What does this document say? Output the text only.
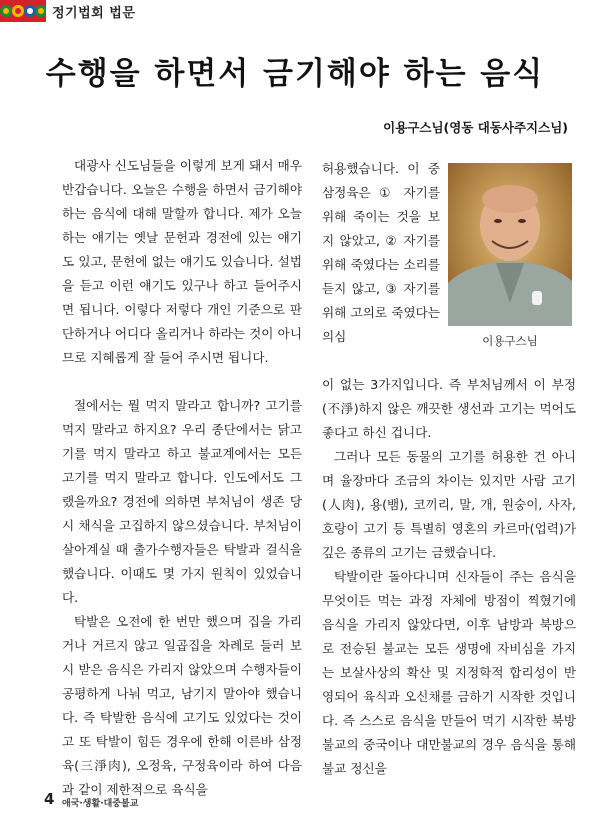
정기법회 법문
수행을 하면서 금기해야 하는 음식
이용구스님(영동 대동사주지스님)

대광사 신도님들을 이렇게 보게 돼서 매우 반갑습니다. 오늘은 수행을 하면서 금기해야 하는 음식에 대해 말할까 합니다. 제가 오늘 하는 얘기는 옛날 문헌과 경전에 있는 얘기도 있고, 문헌에 없는 얘기도 있습니다. 설법을 듣고 이런 얘기도 있구나 하고 들어주시면 됩니다. 이렇다 저렇다 개인 기준으로 판단하거나 어디다 올리거나 하라는 것이 아니므로 지혜롭게 잘 들어 주시면 됩니다.

절에서는 뭘 먹지 말라고 합니까? 고기를 먹지 말라고 하지요? 우리 종단에서는 닭고기를 먹지 말라고 하고 불교계에서는 모든 고기를 먹지 말라고 합니다. 인도에서도 그랬을까요? 경전에 의하면 부처님이 생존 당시 채식을 고집하지 않으셨습니다. 부처님이 살아계실 때 출가수행자들은 탁발과 걸식을 했습니다. 이때도 몇 가지 원칙이 있었습니다.

탁발은 오전에 한 번만 했으며 집을 가리거나 거르지 않고 일곱집을 차례로 들러 보시 받은 음식은 가리지 않았으며 수행자들이 공평하게 나눠 먹고, 남기지 말아야 했습니다. 즉 탁발한 음식에 고기도 있었다는 것이고 또 탁발이 힘든 경우에 한해 이른바 삼정육(三淨肉), 오정육, 구정육이라 하여 다음과 같이 제한적으로 육식을

허용했습니다. 이 중 삼정육은 ① 자기를 위해 죽이는 것을 보지 않았고, ② 자기를 위해 죽였다는 소리를 듣지 않고, ③ 자기를 위해 고의로 죽였다는 의심	이용구스님

이 없는 3가지입니다. 즉 부처님께서 이 부정(不淨)하지 않은 깨끗한 생선과 고기는 먹어도 좋다고 하신 겁니다.

그러나 모든 동물의 고기를 허용한 건 아니며 율장마다 조금의 차이는 있지만 사람 고기(人肉), 용(뱀), 코끼리, 말, 개, 원숭이, 사자, 호랑이 고기 등 특별히 영혼의 카르마(업력)가 깊은 종류의 고기는 금했습니다.

탁발이란 돌아다니며 신자들이 주는 음식을 무엇이든 먹는 과정 자체에 방점이 찍혔기에 음식을 가리지 않았다면, 이후 남방과 북방으로 전승된 불교는 모든 생명에 자비심을 가지는 보살사상의 확산 및 지정학적 합리성이 반영되어 육식과 오신채를 금하기 시작한 것입니다. 즉 스스로 음식을 만들어 먹기 시작한 북방불교의 중국이나 대만불교의 경우 음식을 통해 불교 정신을

4 애국·생활·대중불교
